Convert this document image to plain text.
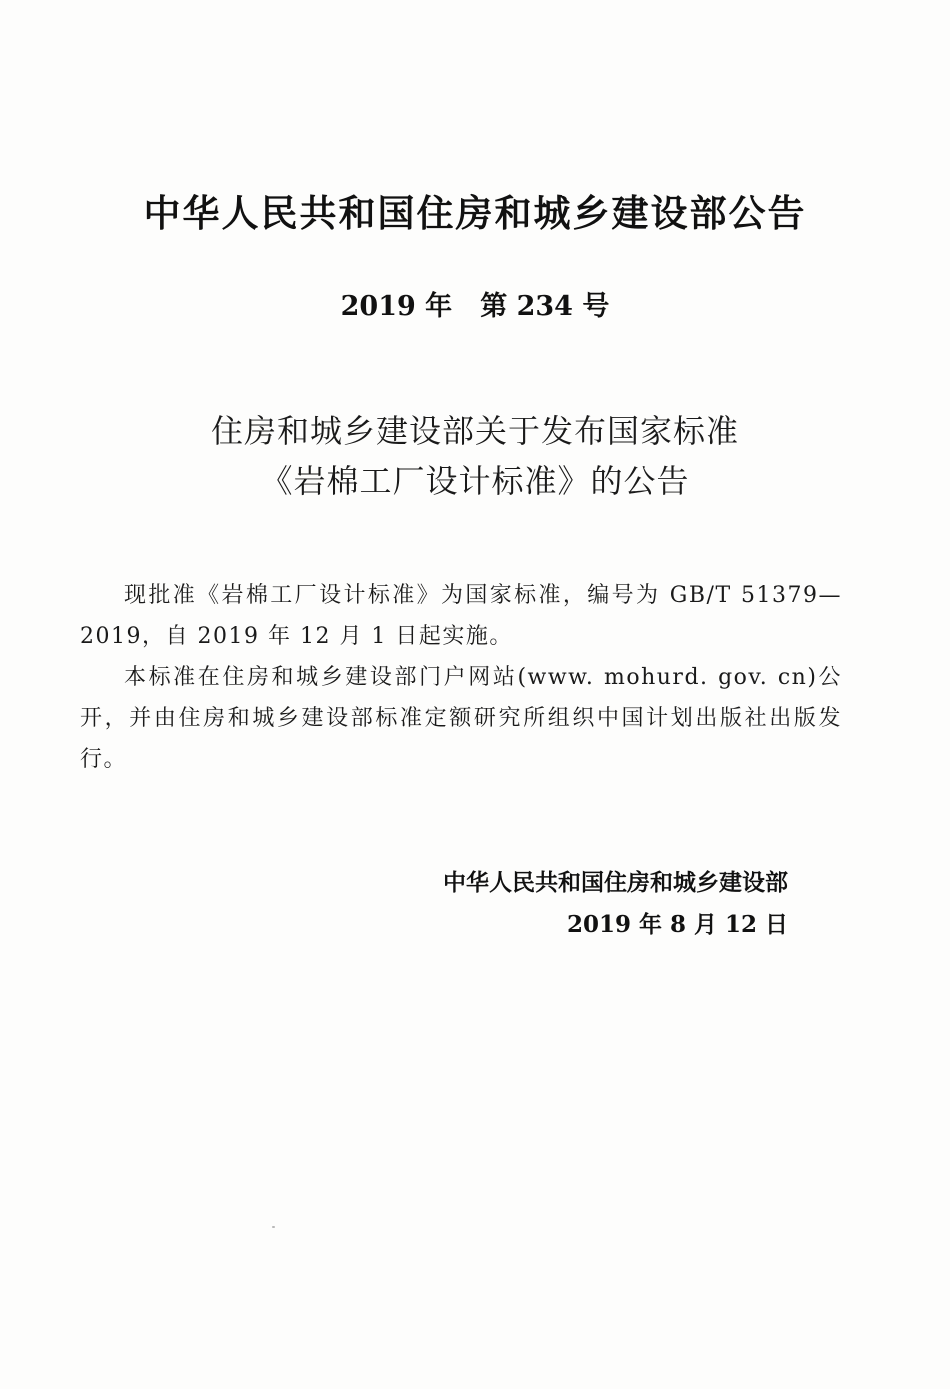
中华人民共和国住房和城乡建设部公告
2019 年 第 234 号
住房和城乡建设部关于发布国家标准
《岩棉工厂设计标准》的公告

现批准《岩棉工厂设计标准》为国家标准，编号为 GB/T 51379—2019，自 2019 年 12 月 1 日起实施。

本标准在住房和城乡建设部门户网站(www. mohurd. gov. cn)公开，并由住房和城乡建设部标准定额研究所组织中国计划出版社出版发行。

中华人民共和国住房和城乡建设部
2019 年 8 月 12 日
